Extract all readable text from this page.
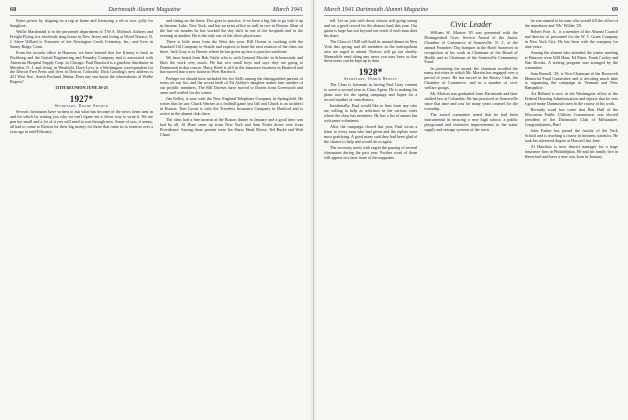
68	Dartmouth Alumni Magazine	March 1941

Sykes power by slipping on a rug at home and fracturing a rib or two...jolly for Sunghoot.

Wallie Macdonald is in the personnel department of T.W.A. Mohawk Airlines and Freight Flying is a wholesale drug house in New Jersey and living at Wood Terrace, N. J. Steve Willard is Treasurer of the Newington Creek Creamery, Inc., and lives in Sunny Ridge, Conn.

From the records office in Hanover, we have learned that Joe Kinney is back in Fitchburg and the United Engineering and Foundry Company and is associated with American Hospital Supply Corp. in Chicago. Paul Bassford is a gasoline distributor in Meriden, N. J. and living in Westfield. Dave Levy is a Washington correspondent for the Detroit Free Press and lives in Detroit, Colorado. Dick Gooding's new address is 421 West Ave., South Portland, Maine. Does any one know the whereabouts of Wallie Rogers?

13TH REUNION JUNE 20-23

1927*
Secretary, Doane Arnold

Several classmates have written to ask what has become of the news items sent in and for which by writing you why we can't figure out a clever way to write it. We are pan too small and a lot of it you will need to sort through now. Some of you, it seems, all had to come to Boston for their big money for those that came in to reunion over a year ago in mid-February.

and sitting on the fence. Doc goes to practice, if we have a big fish to go with it up in Saranac Lake, New York, and has an extra office as well as two in Boston. Most of the last six months he has worked the day shift in one of the hospitals and in the evening at another. He is the only one of the clinic physicians.

There is little news from the West this year. Bill Owens is working with the Standard Oil Company in Seattle and expects to head the next reunion of the class out there. Jack Gray is in Denver where he has given up law to practice medicine.

We have heard from Bob Tuttle who is with General Electric in Schenectady and likes the work very much. He has two small boys and says they are going to Dartmouth in due course. Harry Reed is still in the insurance business in Hartford and has moved into a new house in West Hartford.

Perhaps we should have included the Joe Kells among the distinguished parents of twins on our list, and the recent birth of Ed Ashley's daughter makes him another of our prolific members. The Bill Davises have moved to Darien from Greenwich and seem well settled for the winter.

Jim Kelley is now with the New England Telephone Company in Springfield. He writes that he saw Chuck Warner at a football game last fall and Chuck is an architect in Boston. Tom Lyons is with the Travelers Insurance Company in Hartford and is active in the alumni club there.

The class had a fine turnout at the Boston dinner in January and a good time was had by all. Al Hunt came up from New York and Sam Potter drove over from Providence. Among those present were Joe Shaw, Hank Morse, Ted Burke and Walt Chase.

March 1941 Dartmouth Alumni Magazine	69

tell. Let us join with those classes still going strong and set a good record for the alumni fund this year. Our quota is large but not beyond our reach if each man does his share.

The Class of 1928 will hold its annual dinner in New York this spring and all members in the metropolitan area are urged to attend. Notices will go out shortly. Meanwhile send along any news you may have so that these notes can be kept up to date.

1928*
Secretary, Osmun Hewitt

The Class is fortunate in having Paul Gray consent to serve a second year as Class Agent. He is making his plans now for the spring campaign and hopes for a record number of contributors.

Incidentally, Paul would like to hear from any who are willing to help as solicitors in the various cities where the class has members. He has a list of names but welcomes volunteers.

After the campaign closed last year, Paul wrote a letter to every man who had given and the replies were most gratifying. A good many said they had been glad of the chance to help and would do so again.

The secretary notes with regret the passing of several classmates during the past year. Further word of them will appear in a later issue of the magazine.

Civic Leader

William W. Morton '05 was presented with the Distinguished Civic Service Award of the Junior Chamber of Commerce of Somerville, N. J., at the annual Founders' Day banquet in the Hotel Somerset in recognition of his work as Chairman of the Board of Health and as Chairman of the Somerville Community Fund.

In presenting the award, the chairman recalled the many activities in which Mr. Morton has engaged over a period of years. He has served in the Rotary Club, the Chamber of Commerce, and in a number of civic welfare groups.

Mr. Morton was graduated from Dartmouth and later studied law at Columbia. He has practiced in Somerville since that time and was for many years counsel for the township.

The award committee noted that he had been instrumental in securing a new high school, a public playground and extensive improvements to the water supply and sewage systems of the town.

he was named to be man who would fill the office of the introducer and 'Mr.' Wilder '29.

Robert Pote, Jr., is a member of the Alumni Council and director of personnel for the W. T. Grant Company in New York City. He has been with the company for nine years.

Among the alumni who attended the winter meeting at Hanover were Will Haas, Ed Paine, Frank Cooley and Dan Brooks. A stirring program was arranged by the committee.

Sam Russell, '29, is Vice-Chairman of the Roosevelt Memorial Fund Committee and is devoting much time to organizing the campaign in Vermont and New Hampshire.

Art Belland is now in the Washington office of the Federal Housing Administration and reports that he sees a good many Dartmouth men in the course of his work.

Recently word has come that Ben Hall of the Wisconsin Public Utilities Commission was elected president of the Dartmouth Club of Milwaukee. Congratulations, Ben!

John Parker has joined the faculty of the Tuck School and is teaching a course in business statistics. He took his advanced degree at Harvard last June.

Al Hutchins is now district manager for a large insurance firm in Philadelphia. He and his family live in Haverford and have a new son, born in January.
